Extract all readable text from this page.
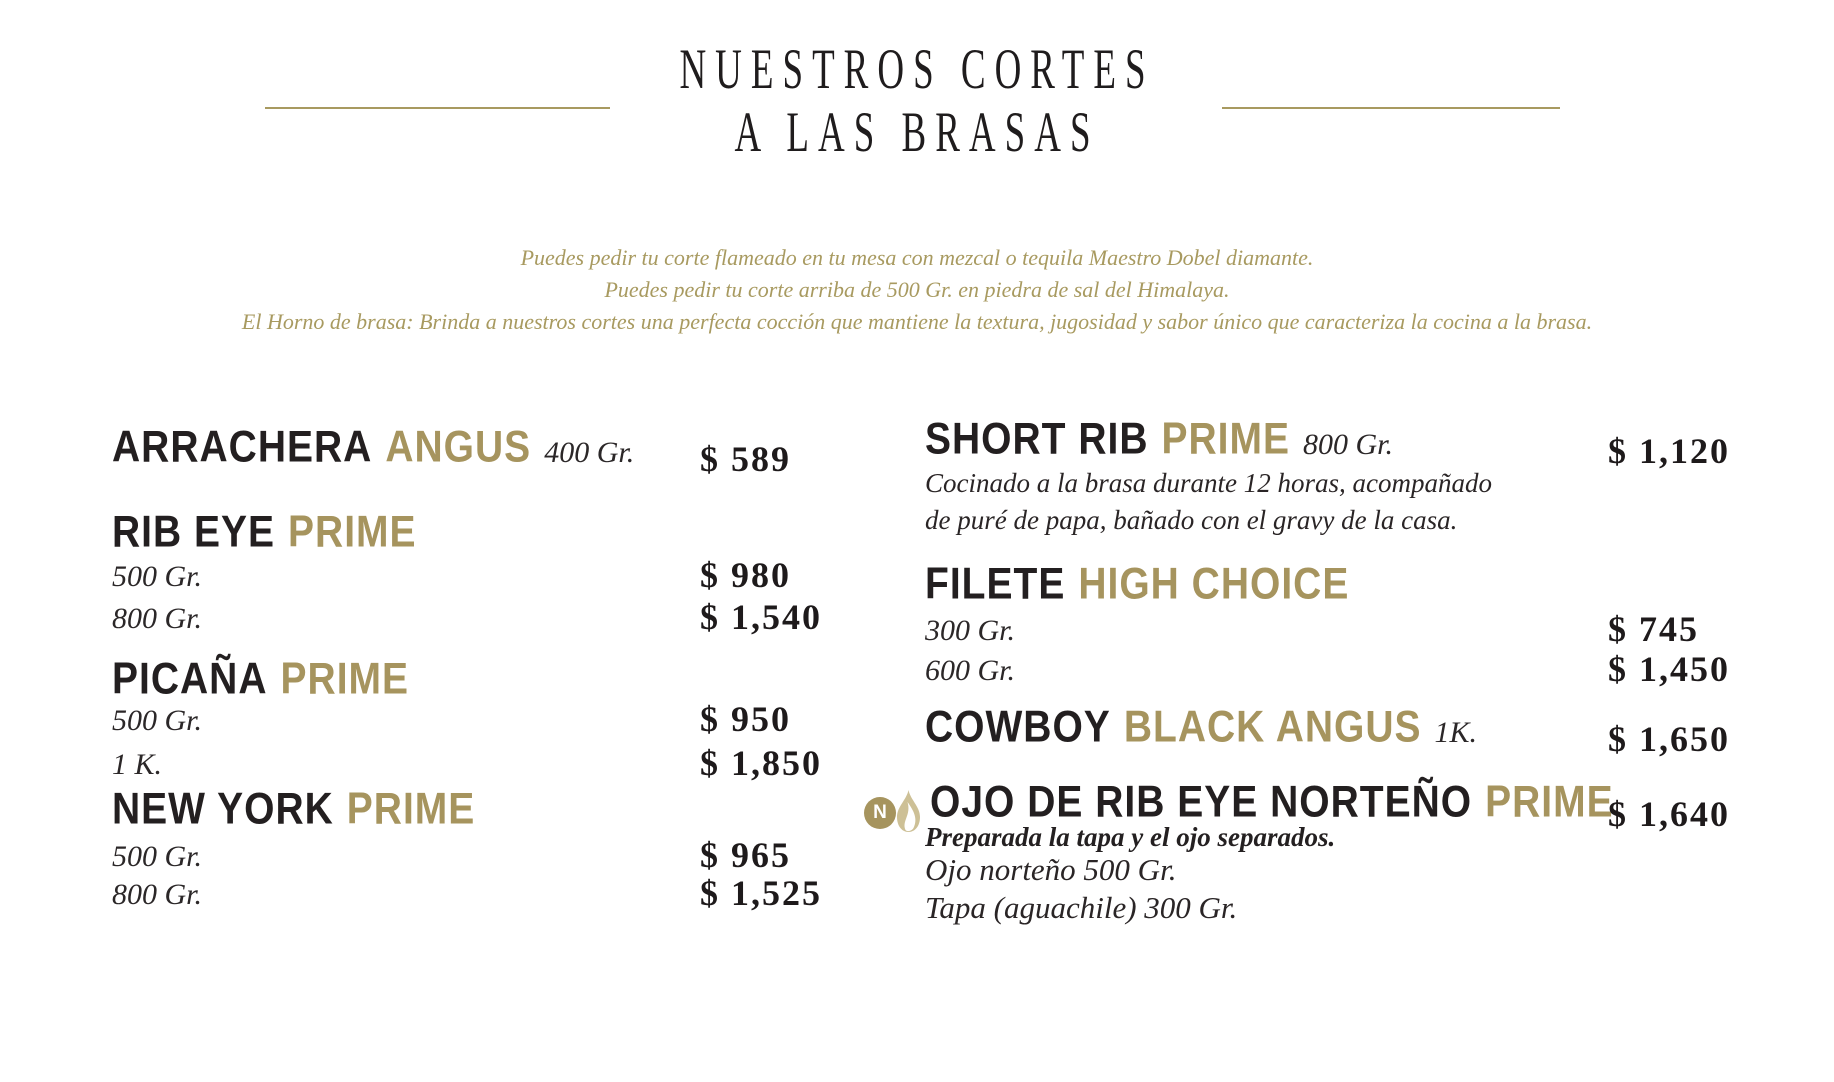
NUESTROS CORTES
A LAS BRASAS
Puedes pedir tu corte flameado en tu mesa con mezcal o tequila Maestro Dobel diamante.
Puedes pedir tu corte arriba de 500 Gr. en piedra de sal del Himalaya.
El Horno de brasa: Brinda a nuestros cortes una perfecta cocción que mantiene la textura, jugosidad y sabor único que caracteriza la cocina a la brasa.
ARRACHERA ANGUS 400 Gr. $ 589
RIB EYE PRIME
500 Gr.	$ 980
800 Gr.	$ 1,540
PICAÑA PRIME
500 Gr.	$ 950
1 K.	$ 1,850
NEW YORK PRIME
500 Gr.	$ 965
800 Gr.	$ 1,525
SHORT RIB PRIME 800 Gr.	$ 1,120
Cocinado a la brasa durante 12 horas, acompañado
de puré de papa, bañado con el gravy de la casa.
FILETE HIGH CHOICE
300 Gr.	$ 745
600 Gr.	$ 1,450
COWBOY BLACK ANGUS 1K.	$ 1,650
N OJO DE RIB EYE NORTEÑO PRIME
$ 1,640
Preparada la tapa y el ojo separados.
Ojo norteño 500 Gr.
Tapa (aguachile) 300 Gr.
